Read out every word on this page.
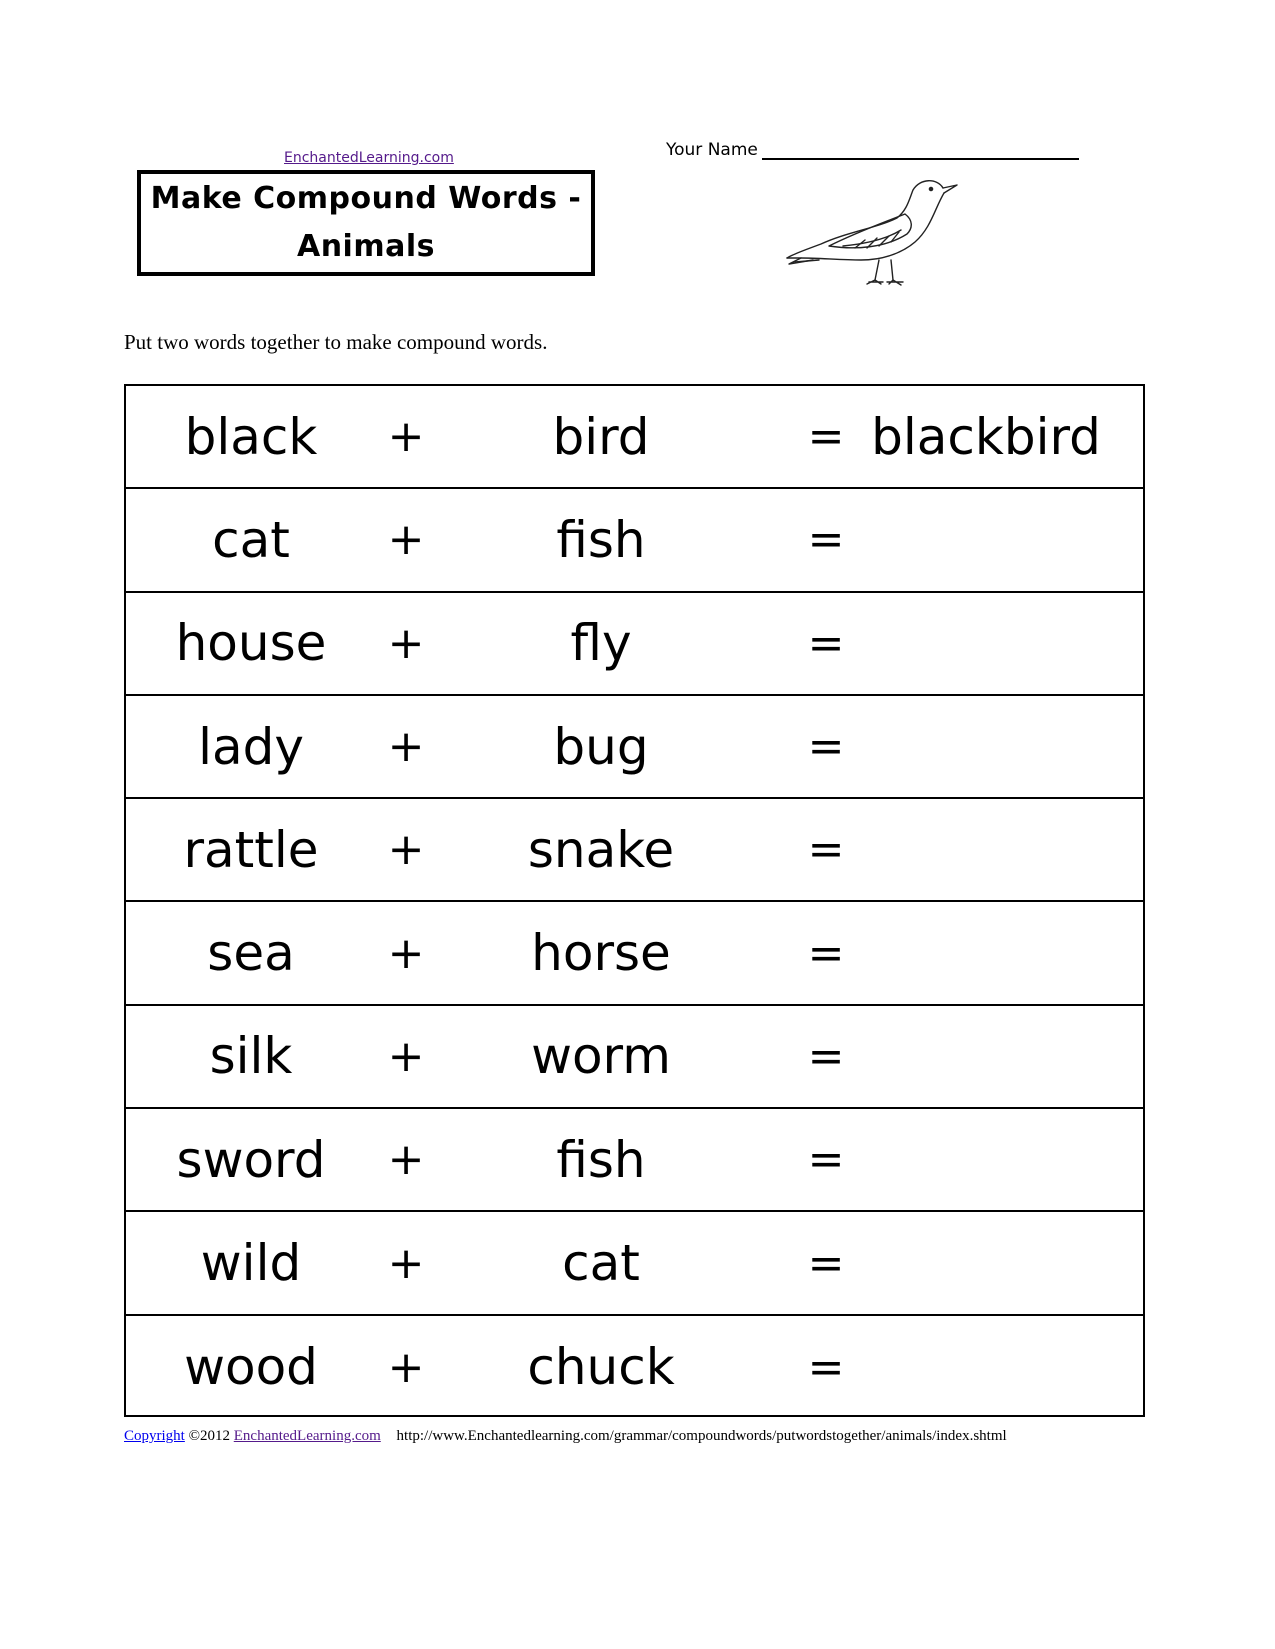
EnchantedLearning.com
Make Compound Words -
Animals
Your Name
Put two words together to make compound words.
black	+	bird	= blackbird
cat	+	fish	=
house	+	fly	=
lady	+	bug	=
rattle	+	snake	=
sea	+	horse	=
silk	+	worm	=
sword	+	fish	=
wild	+	cat	=
wood	+	chuck	=
Copyright ©2012 EnchantedLearning.com http://www.Enchantedlearning.com/grammar/compoundwords/putwordstogether/animals/index.shtml
